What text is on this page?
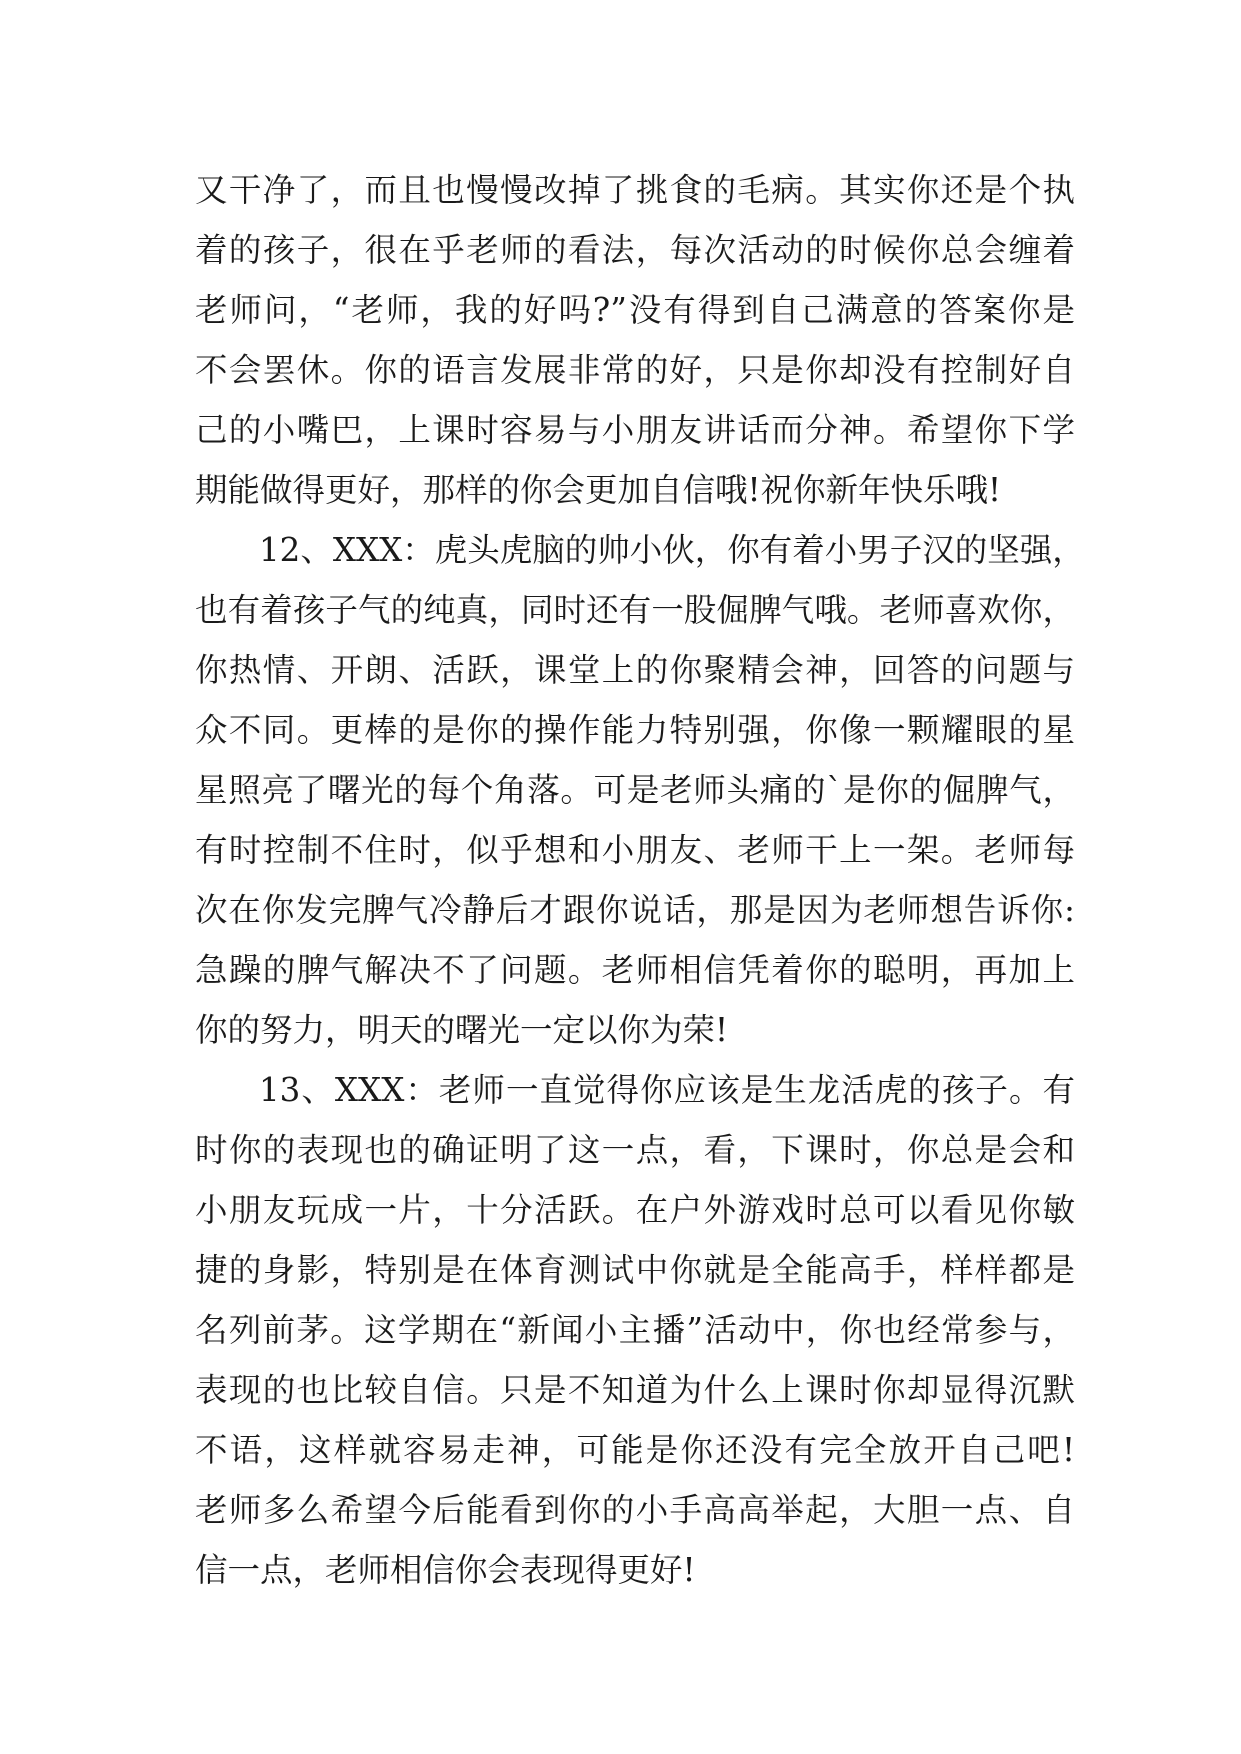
又干净了，而且也慢慢改掉了挑食的毛病。其实你还是个执
着的孩子，很在乎老师的看法，每次活动的时候你总会缠着
老师问，“老师，我的好吗?”没有得到自己满意的答案你是
不会罢休。你的语言发展非常的好，只是你却没有控制好自
己的小嘴巴，上课时容易与小朋友讲话而分神。希望你下学
期能做得更好，那样的你会更加自信哦!祝你新年快乐哦!
12、XXX：虎头虎脑的帅小伙，你有着小男子汉的坚强，
也有着孩子气的纯真，同时还有一股倔脾气哦。老师喜欢你，
你热情、开朗、活跃，课堂上的你聚精会神，回答的问题与
众不同。更棒的是你的操作能力特别强，你像一颗耀眼的星
星照亮了曙光的每个角落。可是老师头痛的`是你的倔脾气，
有时控制不住时，似乎想和小朋友、老师干上一架。老师每
次在你发完脾气冷静后才跟你说话，那是因为老师想告诉你:
急躁的脾气解决不了问题。老师相信凭着你的聪明，再加上
你的努力，明天的曙光一定以你为荣!
13、XXX：老师一直觉得你应该是生龙活虎的孩子。有
时你的表现也的确证明了这一点，看，下课时，你总是会和
小朋友玩成一片，十分活跃。在户外游戏时总可以看见你敏
捷的身影，特别是在体育测试中你就是全能高手，样样都是
名列前茅。这学期在“新闻小主播”活动中，你也经常参与，
表现的也比较自信。只是不知道为什么上课时你却显得沉默
不语，这样就容易走神，可能是你还没有完全放开自己吧!
老师多么希望今后能看到你的小手高高举起，大胆一点、自
信一点，老师相信你会表现得更好!
